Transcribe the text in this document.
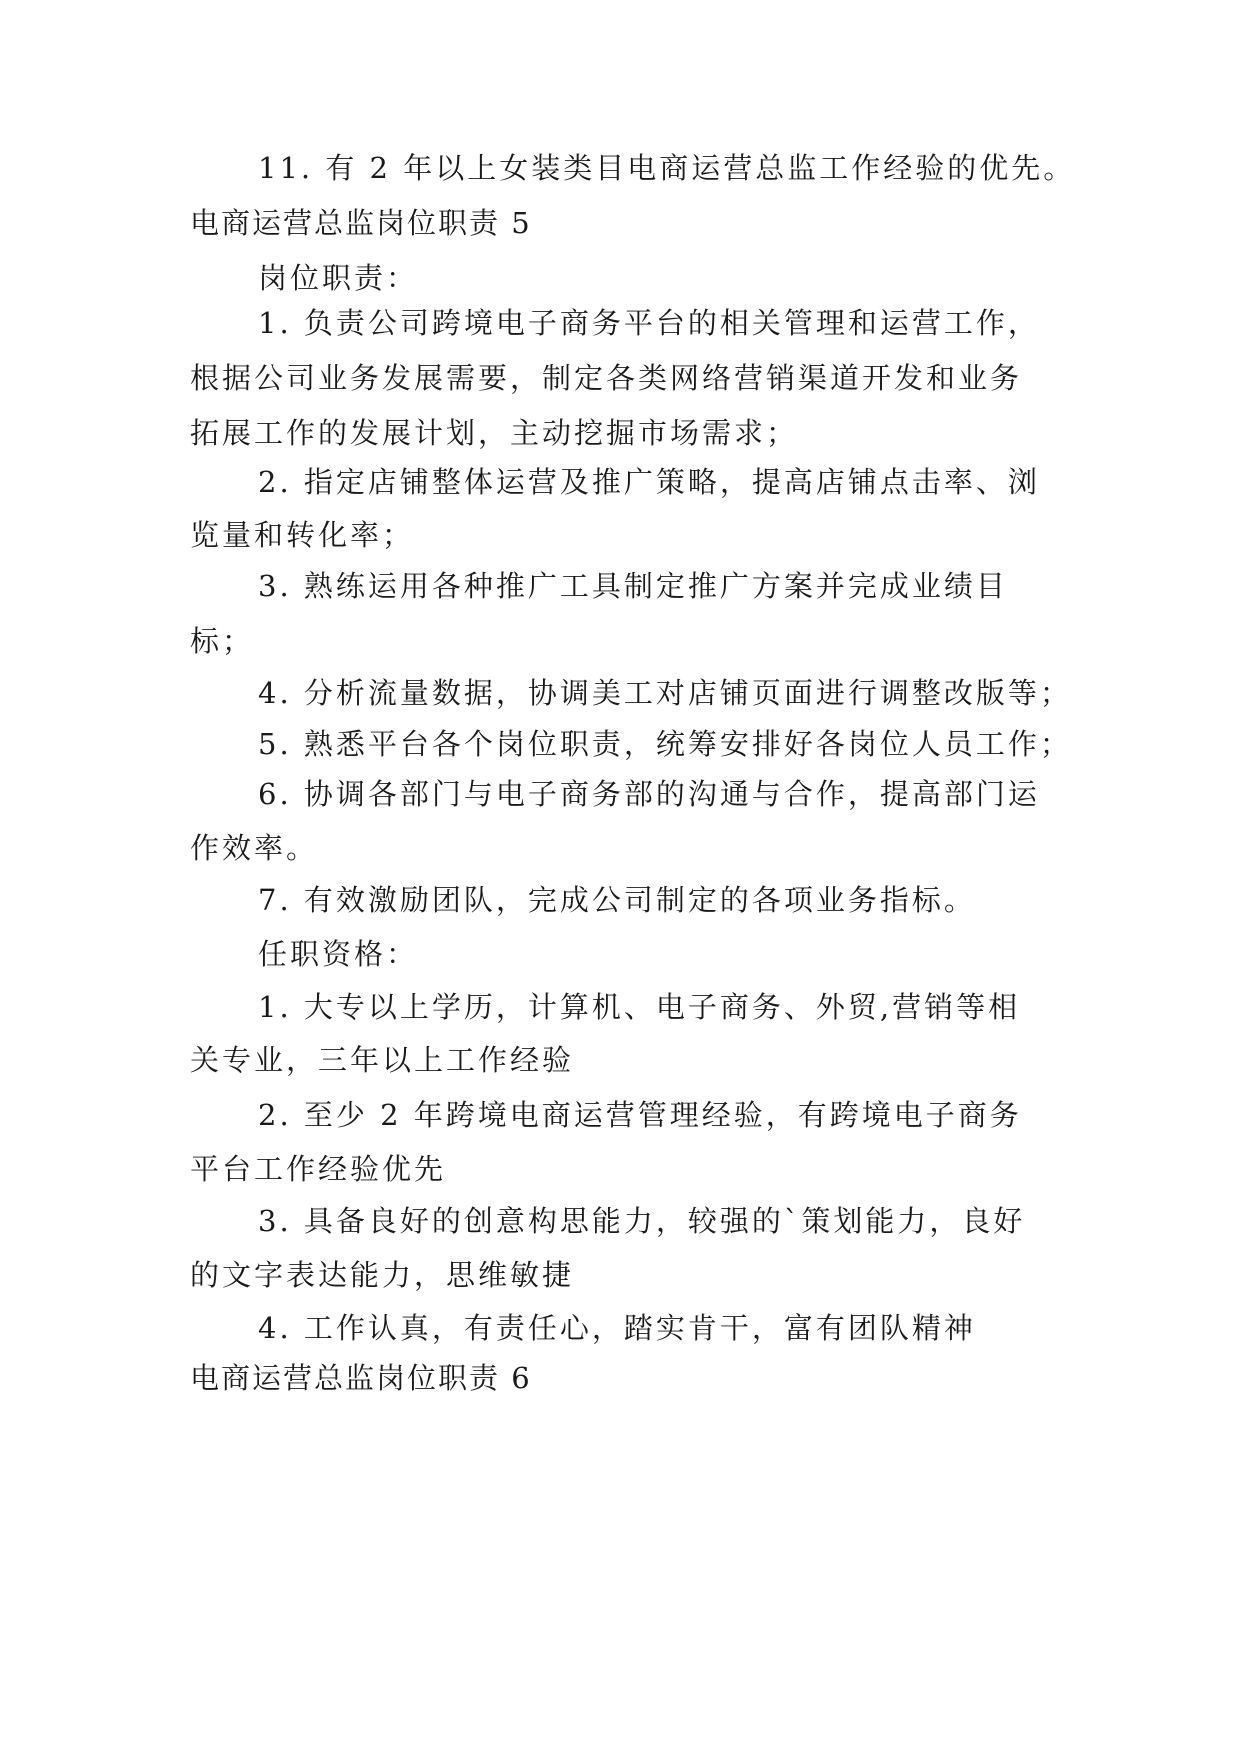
11. 有 2 年以上女装类目电商运营总监工作经验的优先。
电商运营总监岗位职责 5
岗位职责：
1. 负责公司跨境电子商务平台的相关管理和运营工作，
根据公司业务发展需要，制定各类网络营销渠道开发和业务
拓展工作的发展计划，主动挖掘市场需求；
2. 指定店铺整体运营及推广策略，提高店铺点击率、浏
览量和转化率；
3. 熟练运用各种推广工具制定推广方案并完成业绩目
标；
4. 分析流量数据，协调美工对店铺页面进行调整改版等；
5. 熟悉平台各个岗位职责，统筹安排好各岗位人员工作；
6. 协调各部门与电子商务部的沟通与合作，提高部门运
作效率。
7. 有效激励团队，完成公司制定的各项业务指标。
任职资格：
1. 大专以上学历，计算机、电子商务、外贸,营销等相
关专业，三年以上工作经验
2. 至少 2 年跨境电商运营管理经验，有跨境电子商务
平台工作经验优先
3. 具备良好的创意构思能力，较强的`策划能力，良好
的文字表达能力，思维敏捷
4. 工作认真，有责任心，踏实肯干，富有团队精神
电商运营总监岗位职责 6
